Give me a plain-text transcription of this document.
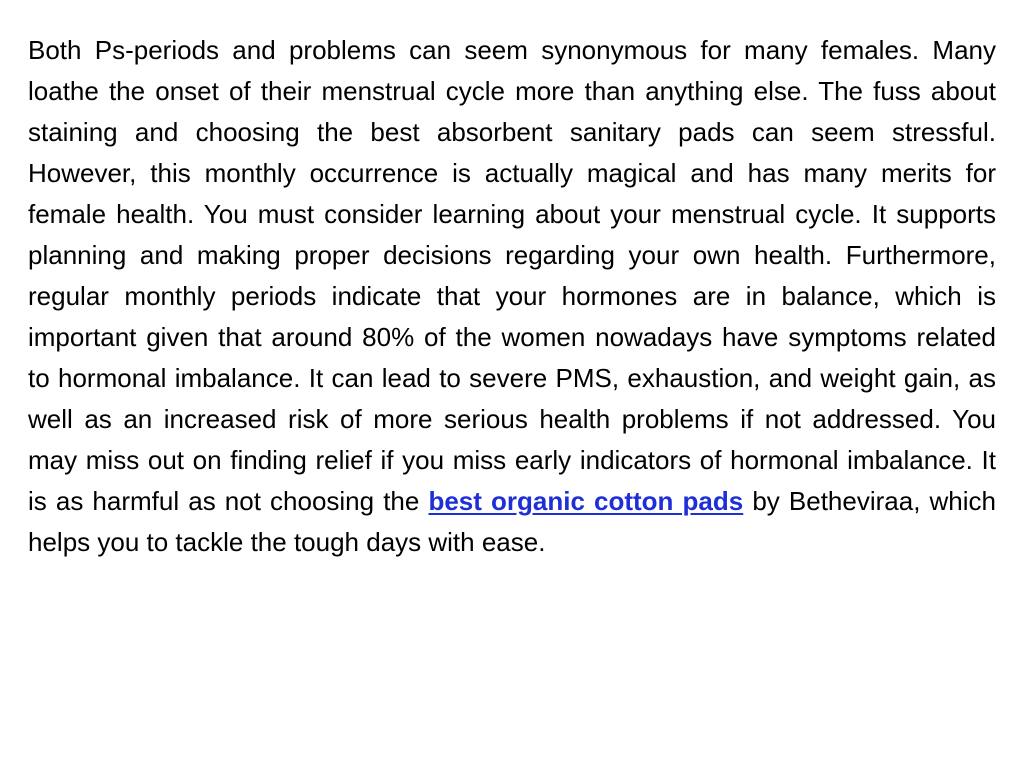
Both Ps-periods and problems can seem synonymous for many females. Many loathe the onset of their menstrual cycle more than anything else. The fuss about staining and choosing the best absorbent sanitary pads can seem stressful. However, this monthly occurrence is actually magical and has many merits for female health. You must consider learning about your menstrual cycle. It supports planning and making proper decisions regarding your own health. Furthermore, regular monthly periods indicate that your hormones are in balance, which is important given that around 80% of the women nowadays have symptoms related to hormonal imbalance. It can lead to severe PMS, exhaustion, and weight gain, as well as an increased risk of more serious health problems if not addressed. You may miss out on finding relief if you miss early indicators of hormonal imbalance. It is as harmful as not choosing the best organic cotton pads by Betheviraa, which helps you to tackle the tough days with ease.
